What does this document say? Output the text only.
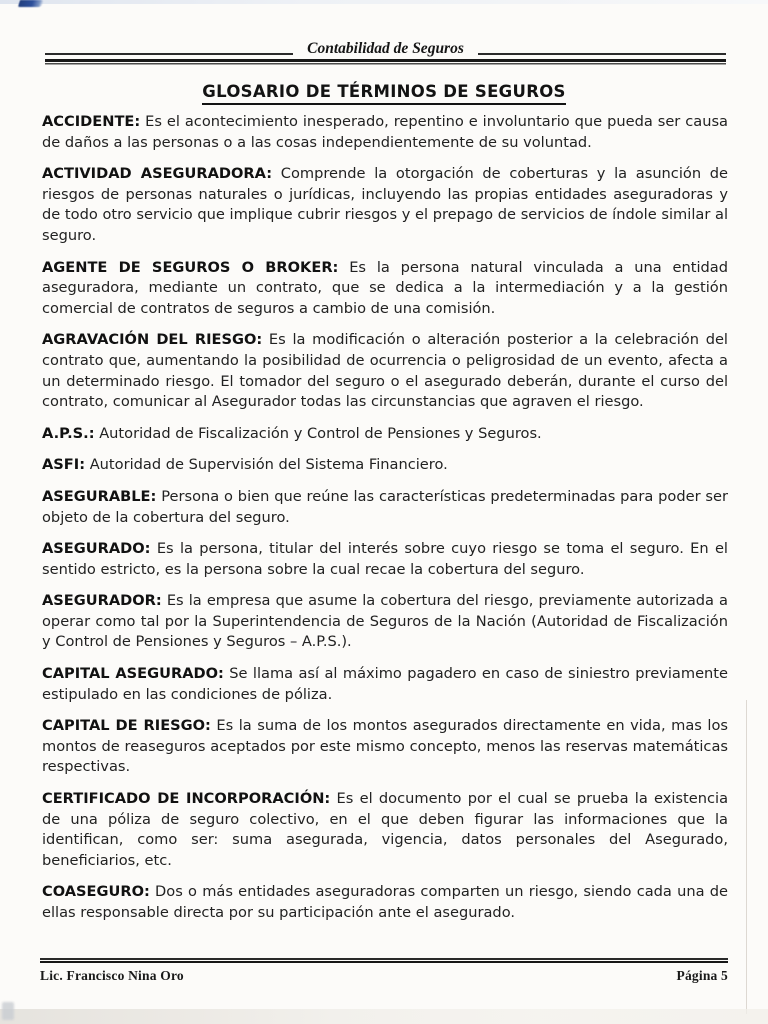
Contabilidad de Seguros
GLOSARIO DE TÉRMINOS DE SEGUROS

ACCIDENTE: Es el acontecimiento inesperado, repentino e involuntario que pueda ser causa de daños a las personas o a las cosas independientemente de su voluntad.

ACTIVIDAD ASEGURADORA: Comprende la otorgación de coberturas y la asunción de riesgos de personas naturales o jurídicas, incluyendo las propias entidades aseguradoras y de todo otro servicio que implique cubrir riesgos y el prepago de servicios de índole similar al seguro.

AGENTE DE SEGUROS O BROKER: Es la persona natural vinculada a una entidad aseguradora, mediante un contrato, que se dedica a la intermediación y a la gestión comercial de contratos de seguros a cambio de una comisión.

AGRAVACIÓN DEL RIESGO: Es la modificación o alteración posterior a la celebración del contrato que, aumentando la posibilidad de ocurrencia o peligrosidad de un evento, afecta a un determinado riesgo. El tomador del seguro o el asegurado deberán, durante el curso del contrato, comunicar al Asegurador todas las circunstancias que agraven el riesgo.

A.P.S.: Autoridad de Fiscalización y Control de Pensiones y Seguros.

ASFI: Autoridad de Supervisión del Sistema Financiero.

ASEGURABLE: Persona o bien que reúne las características predeterminadas para poder ser objeto de la cobertura del seguro.

ASEGURADO: Es la persona, titular del interés sobre cuyo riesgo se toma el seguro. En el sentido estricto, es la persona sobre la cual recae la cobertura del seguro.

ASEGURADOR: Es la empresa que asume la cobertura del riesgo, previamente autorizada a operar como tal por la Superintendencia de Seguros de la Nación (Autoridad de Fiscalización y Control de Pensiones y Seguros – A.P.S.).

CAPITAL ASEGURADO: Se llama así al máximo pagadero en caso de siniestro previamente estipulado en las condiciones de póliza.

CAPITAL DE RIESGO: Es la suma de los montos asegurados directamente en vida, mas los montos de reaseguros aceptados por este mismo concepto, menos las reservas matemáticas respectivas.

CERTIFICADO DE INCORPORACIÓN: Es el documento por el cual se prueba la existencia de una póliza de seguro colectivo, en el que deben figurar las informaciones que la identifican, como ser: suma asegurada, vigencia, datos personales del Asegurado, beneficiarios, etc.

COASEGURO: Dos o más entidades aseguradoras comparten un riesgo, siendo cada una de ellas responsable directa por su participación ante el asegurado.

Lic. Francisco Nina Oro	Página 5
